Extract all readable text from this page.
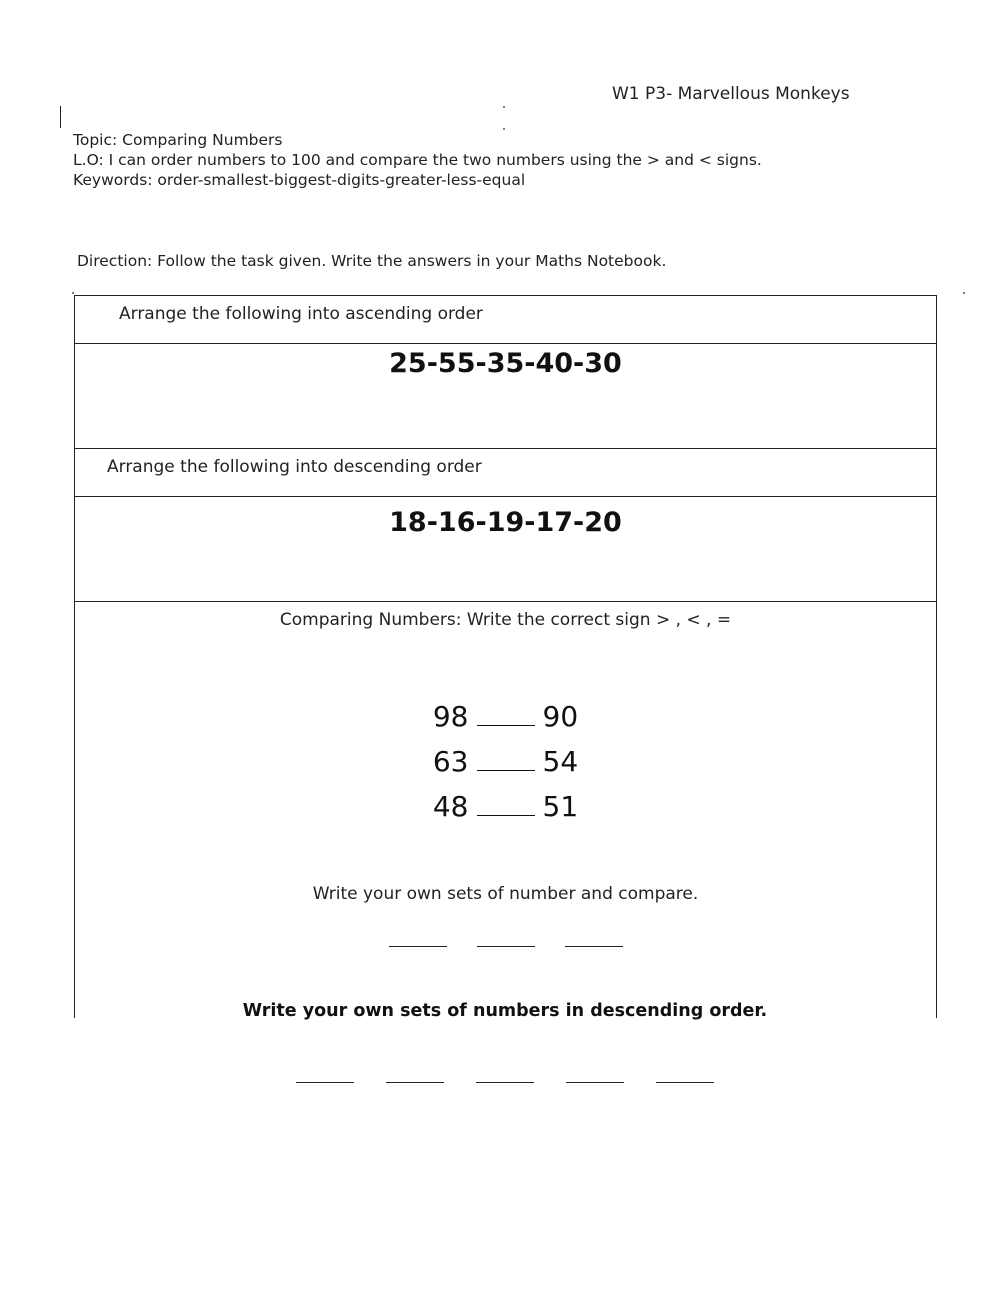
W1 P3- Marvellous Monkeys
Topic: Comparing Numbers
L.O: I can order numbers to 100 and compare the two numbers using the > and < signs.
Keywords: order-smallest-biggest-digits-greater-less-equal
Direction: Follow the task given. Write the answers in your Maths Notebook.
Arrange the following into ascending order
25-55-35-40-30
Arrange the following into descending order
18-16-19-17-20
Comparing Numbers: Write the correct sign > , < , =
98	90
63	54
48	51
Write your own sets of number and compare.
Write your own sets of numbers in descending order.
